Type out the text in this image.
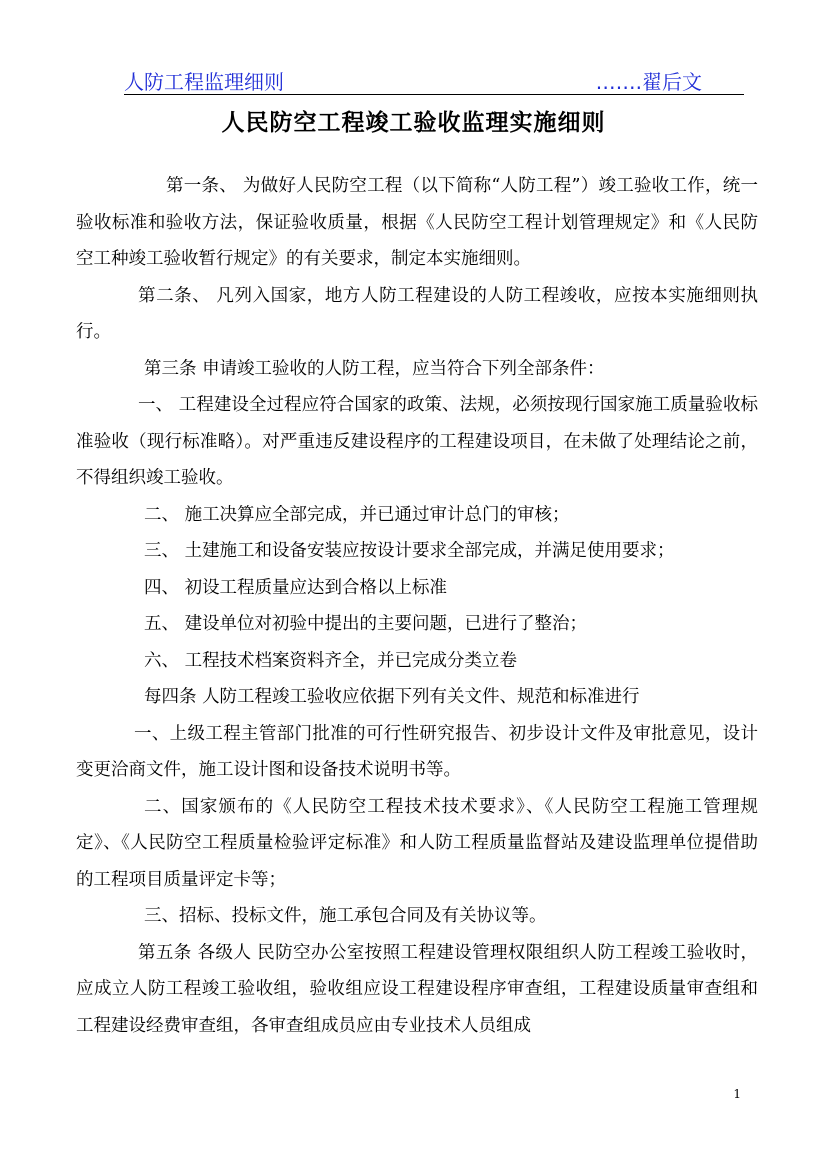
人防工程监理细则	…….翟后文
人民防空工程竣工验收监理实施细则

第一条、 为做好人民防空工程（以下简称“人防工程”）竣工验收工作，统一验收标准和验收方法，保证验收质量，根据《人民防空工程计划管理规定》和《人民防空工种竣工验收暂行规定》的有关要求，制定本实施细则。

第二条、 凡列入国家，地方人防工程建设的人防工程竣收，应按本实施细则执行。

第三条 申请竣工验收的人防工程，应当符合下列全部条件：

一、 工程建设全过程应符合国家的政策、法规，必须按现行国家施工质量验收标准验收（现行标准略）。对严重违反建设程序的工程建设项目，在未做了处理结论之前，不得组织竣工验收。

二、 施工决算应全部完成，并已通过审计总门的审核；

三、 土建施工和设备安装应按设计要求全部完成，并满足使用要求；

四、 初设工程质量应达到合格以上标准

五、 建设单位对初验中提出的主要问题，已进行了整治；

六、 工程技术档案资料齐全，并已完成分类立卷

每四条 人防工程竣工验收应依据下列有关文件、规范和标准进行

一、上级工程主管部门批准的可行性研究报告、初步设计文件及审批意见，设计变更洽商文件，施工设计图和设备技术说明书等。

二、国家颁布的《人民防空工程技术技术要求》、《人民防空工程施工管理规定》、《人民防空工程质量检验评定标准》和人防工程质量监督站及建设监理单位提借助的工程项目质量评定卡等；

三、招标、投标文件，施工承包合同及有关协议等。

第五条 各级人 民防空办公室按照工程建设管理权限组织人防工程竣工验收时，应成立人防工程竣工验收组，验收组应设工程建设程序审查组，工程建设质量审查组和工程建设经费审查组，各审查组成员应由专业技术人员组成

1
